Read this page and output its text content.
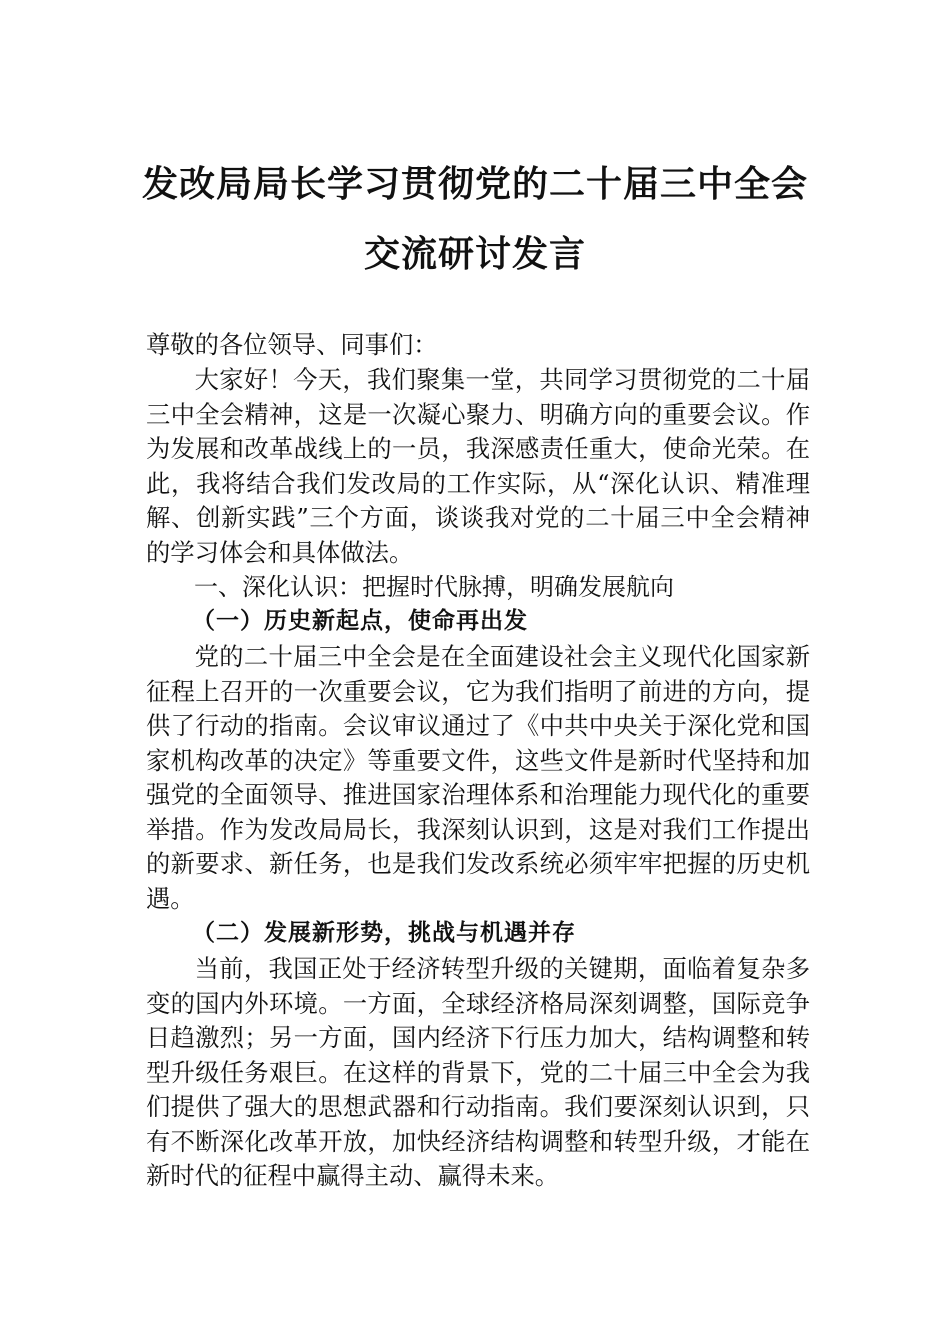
发改局局长学习贯彻党的二十届三中全会
交流研讨发言

尊敬的各位领导、同事们：

大家好！今天，我们聚集一堂，共同学习贯彻党的二十届三中全会精神，这是一次凝心聚力、明确方向的重要会议。作为发展和改革战线上的一员，我深感责任重大，使命光荣。在此，我将结合我们发改局的工作实际，从“深化认识、精准理解、创新实践”三个方面，谈谈我对党的二十届三中全会精神的学习体会和具体做法。

一、深化认识：把握时代脉搏，明确发展航向
（一）历史新起点，使命再出发

党的二十届三中全会是在全面建设社会主义现代化国家新征程上召开的一次重要会议，它为我们指明了前进的方向，提供了行动的指南。会议审议通过了《中共中央关于深化党和国家机构改革的决定》等重要文件，这些文件是新时代坚持和加强党的全面领导、推进国家治理体系和治理能力现代化的重要举措。作为发改局局长，我深刻认识到，这是对我们工作提出的新要求、新任务，也是我们发改系统必须牢牢把握的历史机遇。

（二）发展新形势，挑战与机遇并存

当前，我国正处于经济转型升级的关键期，面临着复杂多变的国内外环境。一方面，全球经济格局深刻调整，国际竞争日趋激烈；另一方面，国内经济下行压力加大，结构调整和转型升级任务艰巨。在这样的背景下，党的二十届三中全会为我们提供了强大的思想武器和行动指南。我们要深刻认识到，只有不断深化改革开放，加快经济结构调整和转型升级，才能在新时代的征程中赢得主动、赢得未来。
